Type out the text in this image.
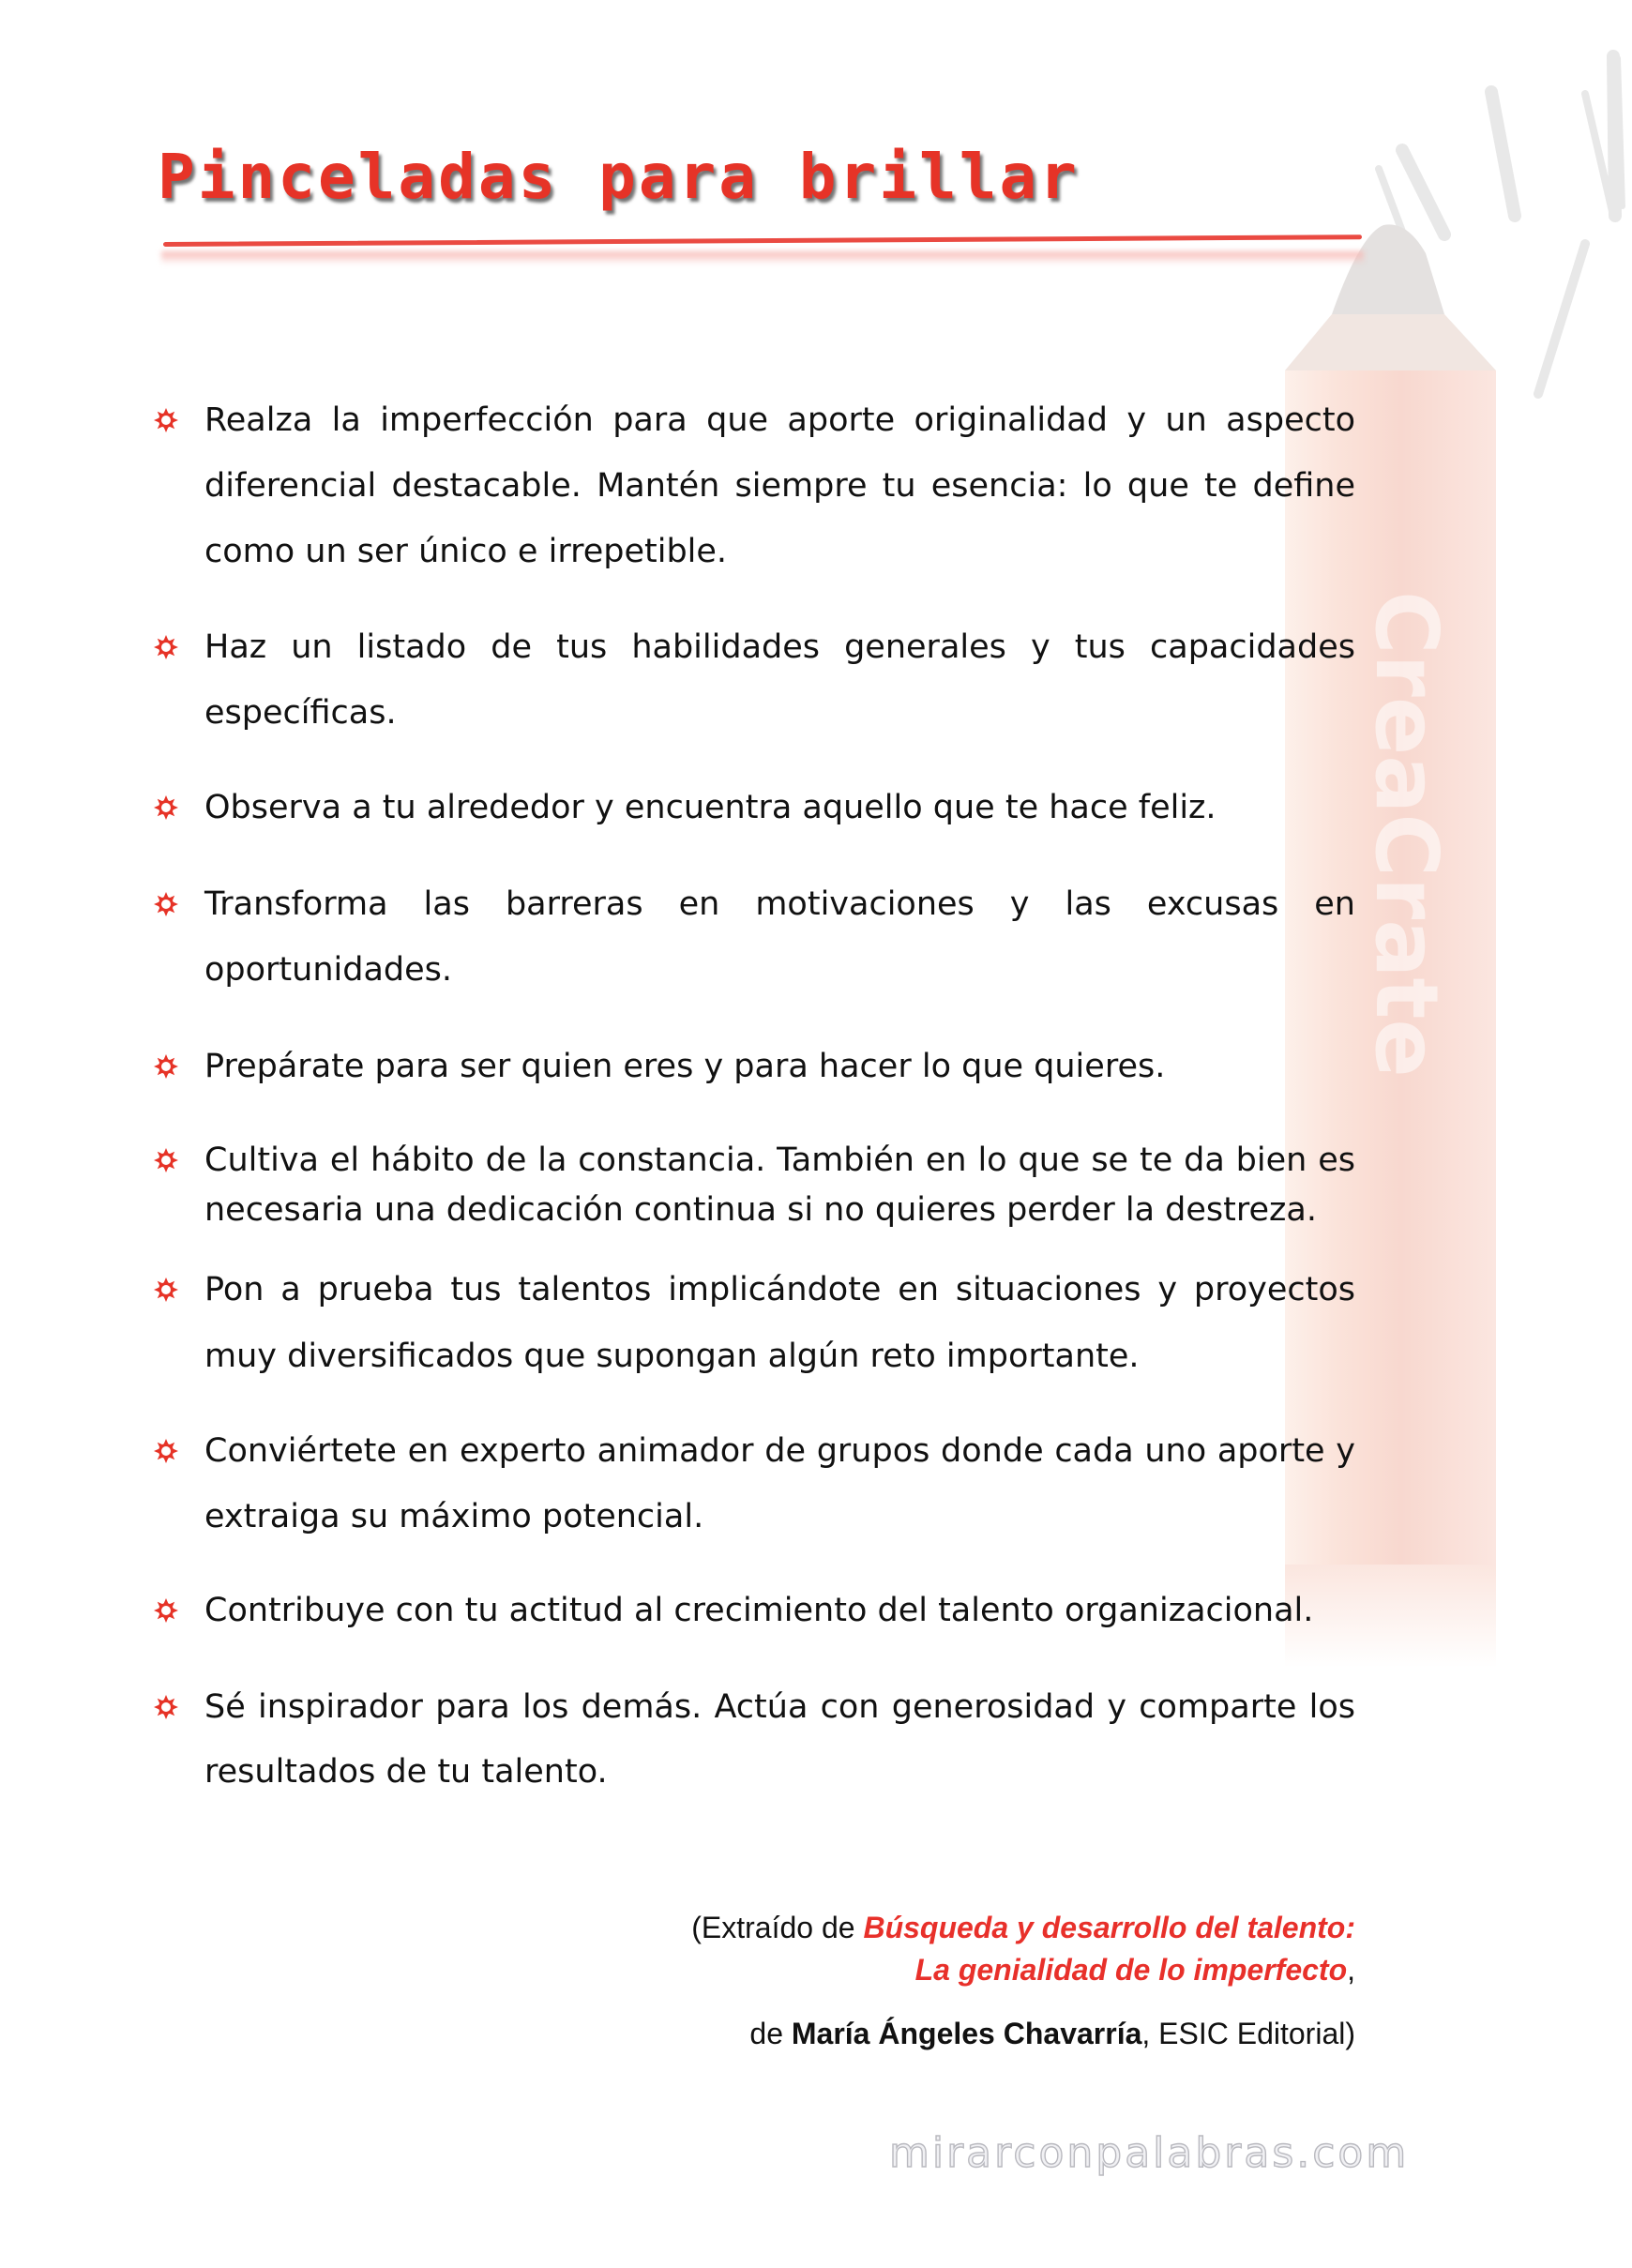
CreaCrate
Pinceladas para brillar
Realza la imperfección para que aporte originalidad y un aspecto
diferencial destacable. Mantén siempre tu esencia: lo que te define
como un ser único e irrepetible.
Haz un listado de tus habilidades generales y tus capacidades
específicas.
Observa a tu alrededor y encuentra aquello que te hace feliz.
Transforma las barreras en motivaciones y las excusas en
oportunidades.
Prepárate para ser quien eres y para hacer lo que quieres.
Cultiva el hábito de la constancia. También en lo que se te da bien es
necesaria una dedicación continua si no quieres perder la destreza.
Pon a prueba tus talentos implicándote en situaciones y proyectos
muy diversificados que supongan algún reto importante.
Conviértete en experto animador de grupos donde cada uno aporte y
extraiga su máximo potencial.
Contribuye con tu actitud al crecimiento del talento organizacional.
Sé inspirador para los demás. Actúa con generosidad y comparte los
resultados de tu talento.
(Extraído de Búsqueda y desarrollo del talento:
La genialidad de lo imperfecto,
de María Ángeles Chavarría, ESIC Editorial)
mirarconpalabras.com
